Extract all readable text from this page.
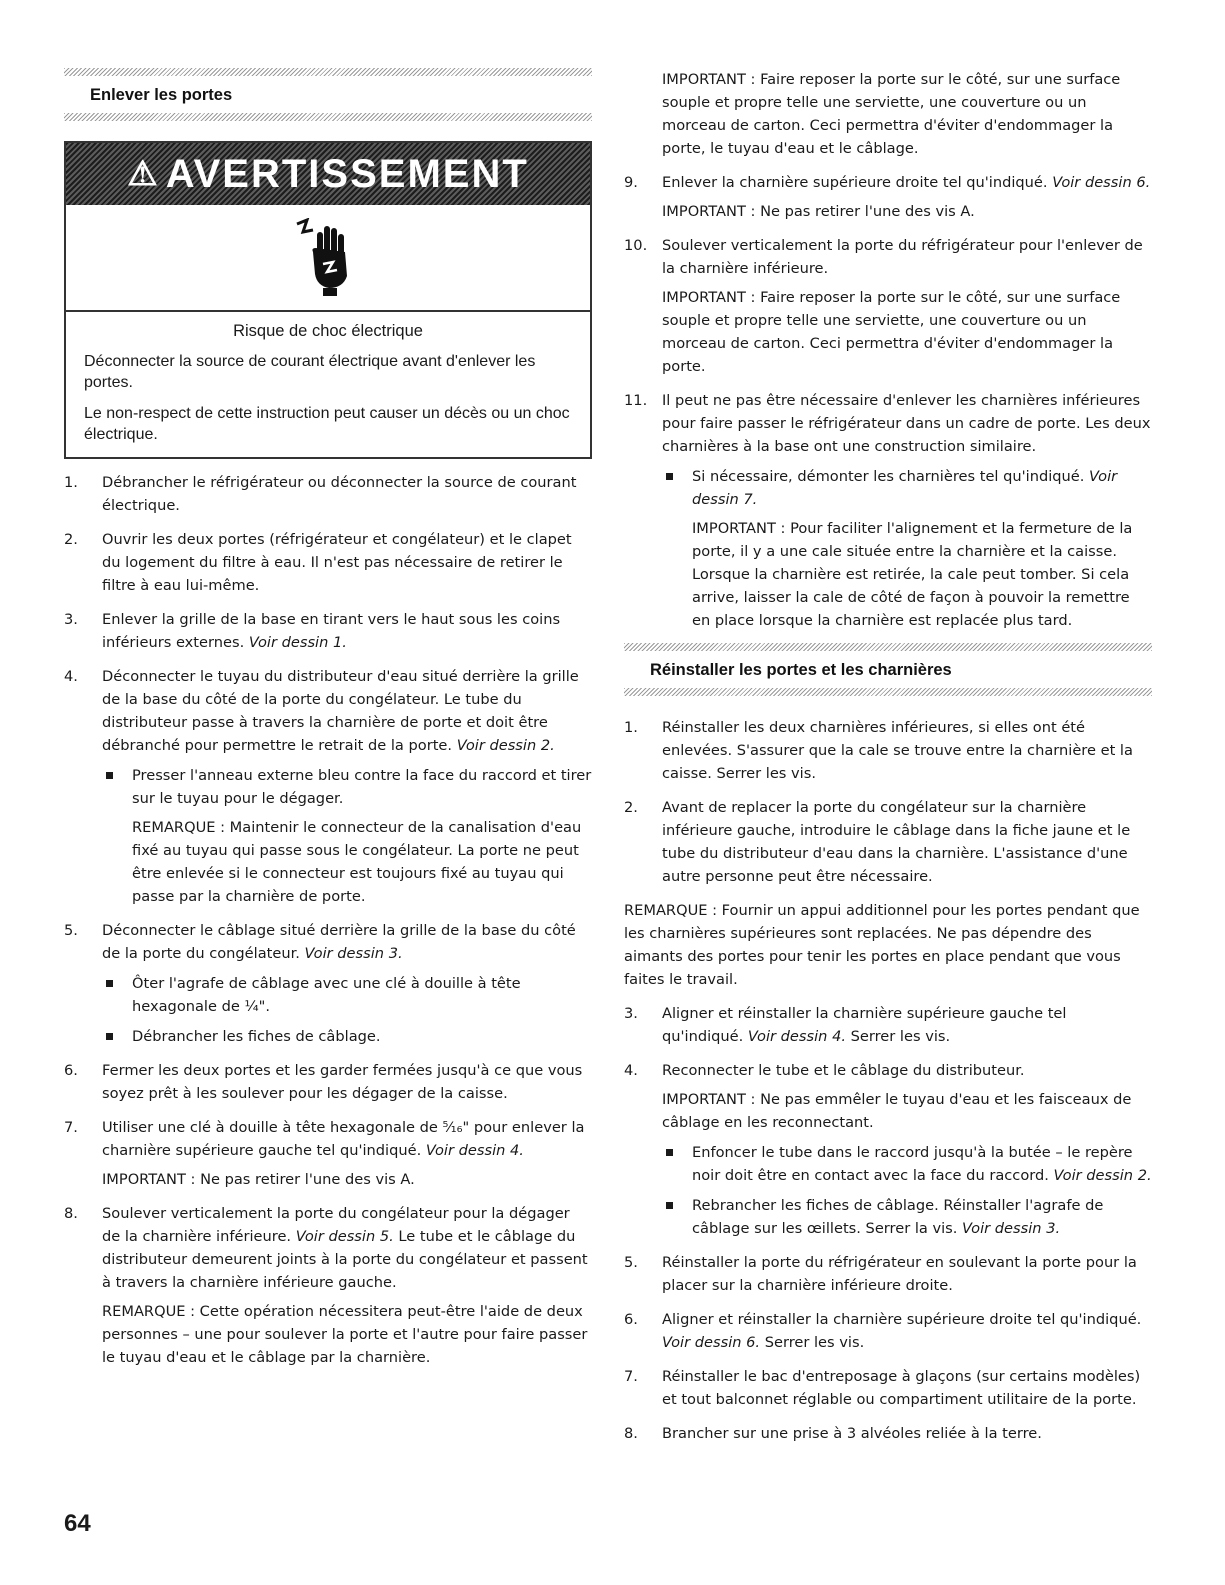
Enlever les portes
⚠ AVERTISSEMENT
Risque de choc électrique

Déconnecter la source de courant électrique avant d'enlever les portes.

Le non-respect de cette instruction peut causer un décès ou un choc électrique.

1. Débrancher le réfrigérateur ou déconnecter la source de courant électrique.
2. Ouvrir les deux portes (réfrigérateur et congélateur) et le clapet du logement du filtre à eau. Il n'est pas nécessaire de retirer le filtre à eau lui-même.
3. Enlever la grille de la base en tirant vers le haut sous les coins inférieurs externes. Voir dessin 1.
4. Déconnecter le tuyau du distributeur d'eau situé derrière la grille de la base du côté de la porte du congélateur. Le tube du distributeur passe à travers la charnière de porte et doit être débranché pour permettre le retrait de la porte. Voir dessin 2.
Presser l'anneau externe bleu contre la face du raccord et tirer sur le tuyau pour le dégager.
REMARQUE : Maintenir le connecteur de la canalisation d'eau fixé au tuyau qui passe sous le congélateur. La porte ne peut être enlevée si le connecteur est toujours fixé au tuyau qui passe par la charnière de porte.
5. Déconnecter le câblage situé derrière la grille de la base du côté de la porte du congélateur. Voir dessin 3.
Ôter l'agrafe de câblage avec une clé à douille à tête hexagonale de ¼".
Débrancher les fiches de câblage.
6. Fermer les deux portes et les garder fermées jusqu'à ce que vous soyez prêt à les soulever pour les dégager de la caisse.
7. Utiliser une clé à douille à tête hexagonale de ⁵⁄₁₆" pour enlever la charnière supérieure gauche tel qu'indiqué. Voir dessin 4.
IMPORTANT : Ne pas retirer l'une des vis A.
8. Soulever verticalement la porte du congélateur pour la dégager de la charnière inférieure. Voir dessin 5. Le tube et le câblage du distributeur demeurent joints à la porte du congélateur et passent à travers la charnière inférieure gauche.
REMARQUE : Cette opération nécessitera peut-être l'aide de deux personnes – une pour soulever la porte et l'autre pour faire passer le tuyau d'eau et le câblage par la charnière.
IMPORTANT : Faire reposer la porte sur le côté, sur une surface souple et propre telle une serviette, une couverture ou un morceau de carton. Ceci permettra d'éviter d'endommager la porte, le tuyau d'eau et le câblage.
9. Enlever la charnière supérieure droite tel qu'indiqué. Voir dessin 6.
IMPORTANT : Ne pas retirer l'une des vis A.
10. Soulever verticalement la porte du réfrigérateur pour l'enlever de la charnière inférieure.
IMPORTANT : Faire reposer la porte sur le côté, sur une surface souple et propre telle une serviette, une couverture ou un morceau de carton. Ceci permettra d'éviter d'endommager la porte.
11. Il peut ne pas être nécessaire d'enlever les charnières inférieures pour faire passer le réfrigérateur dans un cadre de porte. Les deux charnières à la base ont une construction similaire.
Si nécessaire, démonter les charnières tel qu'indiqué. Voir dessin 7.
IMPORTANT : Pour faciliter l'alignement et la fermeture de la porte, il y a une cale située entre la charnière et la caisse. Lorsque la charnière est retirée, la cale peut tomber. Si cela arrive, laisser la cale de côté de façon à pouvoir la remettre en place lorsque la charnière est replacée plus tard.
Réinstaller les portes et les charnières
1. Réinstaller les deux charnières inférieures, si elles ont été enlevées. S'assurer que la cale se trouve entre la charnière et la caisse. Serrer les vis.
2. Avant de replacer la porte du congélateur sur la charnière inférieure gauche, introduire le câblage dans la fiche jaune et le tube du distributeur d'eau dans la charnière. L'assistance d'une autre personne peut être nécessaire.

REMARQUE : Fournir un appui additionnel pour les portes pendant que les charnières supérieures sont replacées. Ne pas dépendre des aimants des portes pour tenir les portes en place pendant que vous faites le travail.

3. Aligner et réinstaller la charnière supérieure gauche tel qu'indiqué. Voir dessin 4. Serrer les vis.
4. Reconnecter le tube et le câblage du distributeur.
IMPORTANT : Ne pas emmêler le tuyau d'eau et les faisceaux de câblage en les reconnectant.
Enfoncer le tube dans le raccord jusqu'à la butée – le repère noir doit être en contact avec la face du raccord. Voir dessin 2.
Rebrancher les fiches de câblage. Réinstaller l'agrafe de câblage sur les œillets. Serrer la vis. Voir dessin 3.
5. Réinstaller la porte du réfrigérateur en soulevant la porte pour la placer sur la charnière inférieure droite.
6. Aligner et réinstaller la charnière supérieure droite tel qu'indiqué. Voir dessin 6. Serrer les vis.
7. Réinstaller le bac d'entreposage à glaçons (sur certains modèles) et tout balconnet réglable ou compartiment utilitaire de la porte.
8. Brancher sur une prise à 3 alvéoles reliée à la terre.
64
